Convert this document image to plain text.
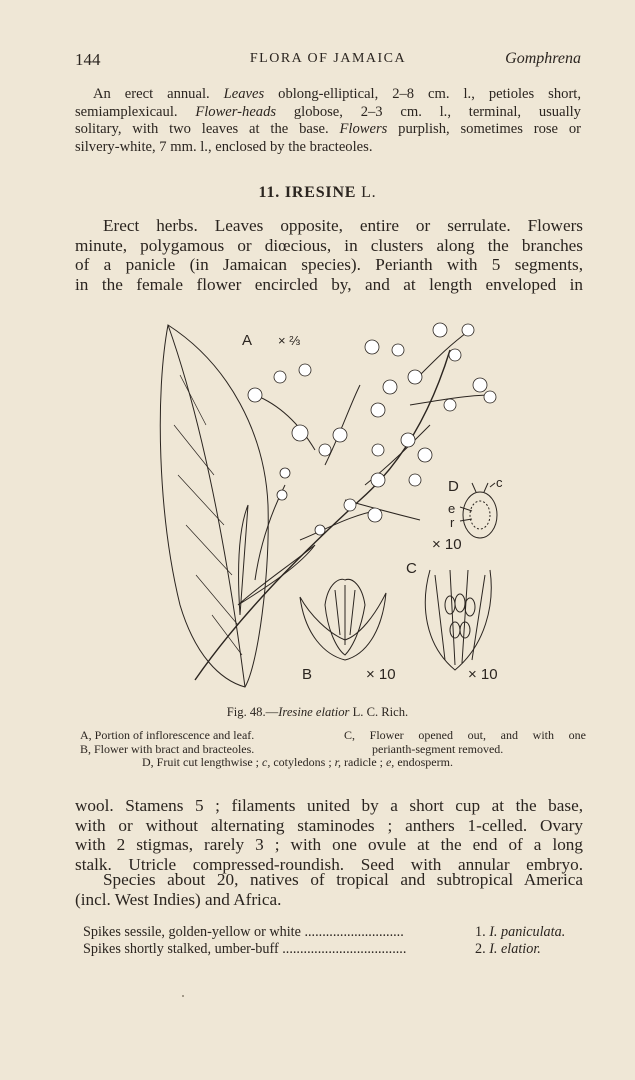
144	FLORA OF JAMAICA	Gomphrena
An erect annual. Leaves oblong-elliptical, 2–8 cm. l., petioles short,
semiamplexicaul. Flower-heads globose, 2–3 cm. l., terminal, usually
solitary, with two leaves at the base. Flowers purplish, sometimes rose or
silvery-white, 7 mm. l., enclosed by the bracteoles.
11. IRESINE L.
Erect herbs. Leaves opposite, entire or serrulate. Flowers
minute, polygamous or diœcious, in clusters along the branches
of a panicle (in Jamaican species). Perianth with 5 segments,
in the female flower encircled by, and at length enveloped in
A × ⅔
B	× 10
C
× 10
D
× 10
c
e
r
Fig. 48.—Iresine elatior L. C. Rich.
A, Portion of inflorescence and leaf.	C, Flower opened out, and with one
B, Flower with bract and bracteoles.	perianth-segment removed.
D, Fruit cut lengthwise ; c, cotyledons ; r, radicle ; e, endosperm.
wool. Stamens 5 ; filaments united by a short cup at the base,
with or without alternating staminodes ; anthers 1-celled. Ovary
with 2 stigmas, rarely 3 ; with one ovule at the end of a long
stalk. Utricle compressed-roundish. Seed with annular embryo.
Species about 20, natives of tropical and subtropical America
(incl. West Indies) and Africa.
Spikes sessile, golden-yellow or white ............................	1. I. paniculata.
Spikes shortly stalked, umber-buff ...................................	2. I. elatior.
